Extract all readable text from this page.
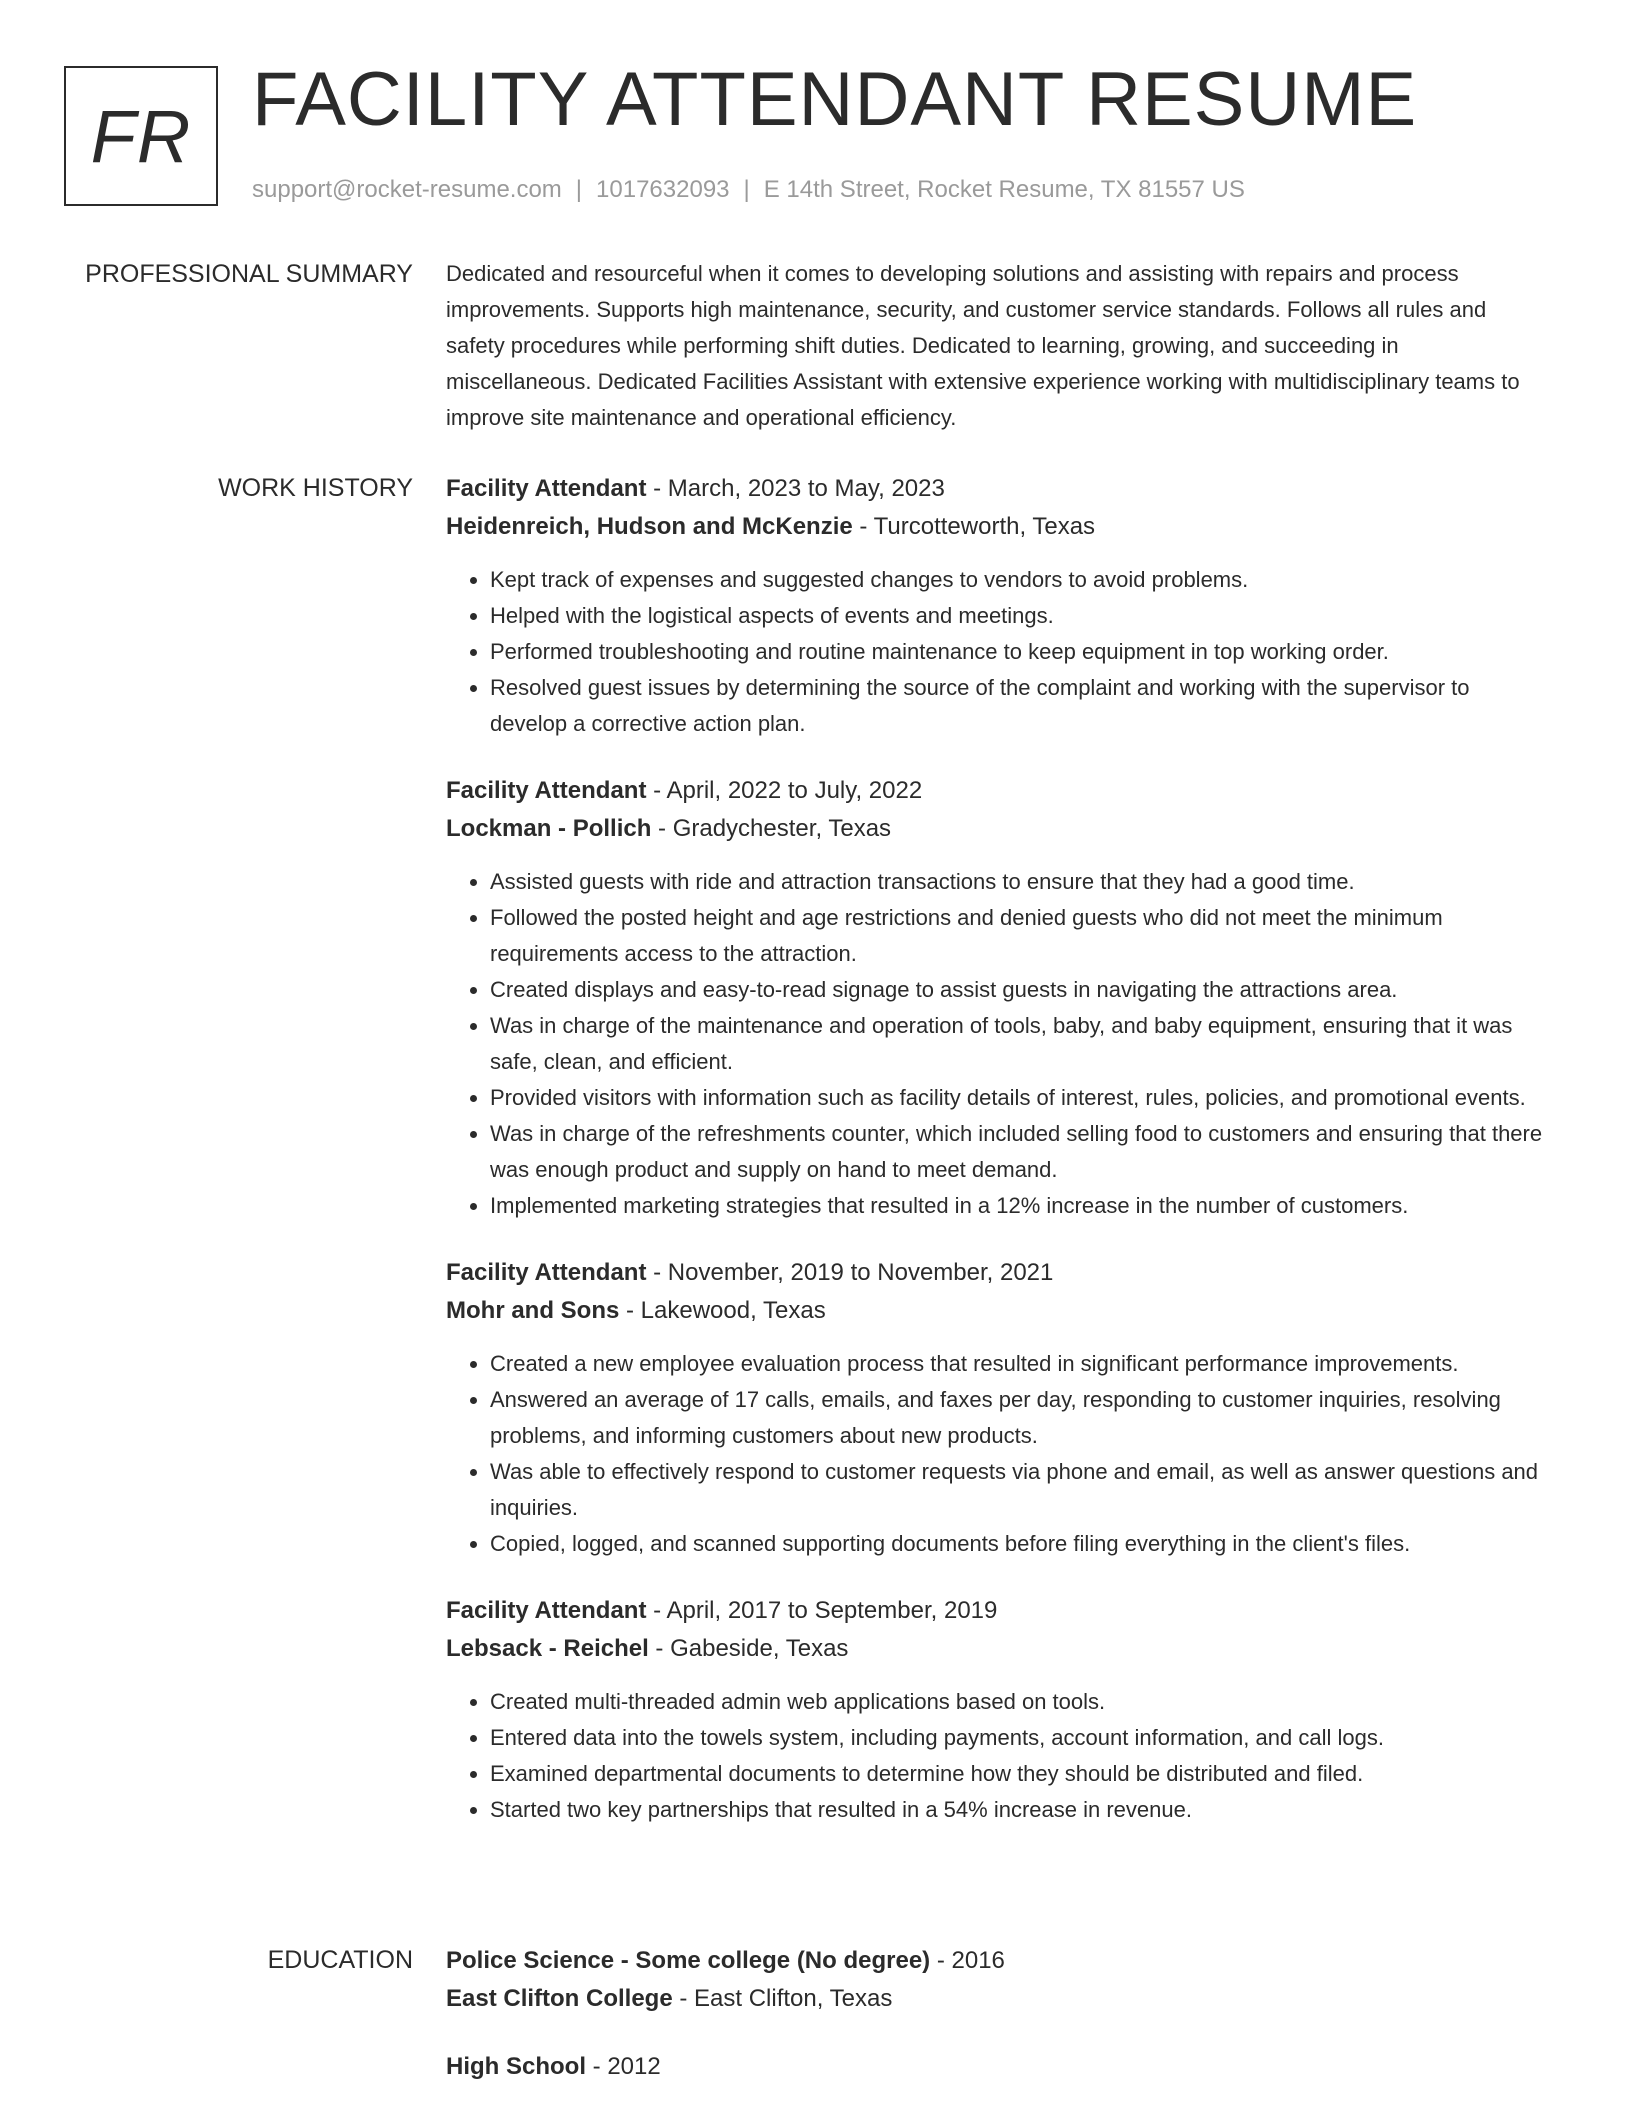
FR FACILITY ATTENDANT RESUME
support@rocket-resume.com | 1017632093 | E 14th Street, Rocket Resume, TX 81557 US
PROFESSIONAL SUMMARY Dedicated and resourceful when it comes to developing solutions and assisting with repairs and process improvements. Supports high maintenance, security, and customer service standards. Follows all rules and safety procedures while performing shift duties. Dedicated to learning, growing, and succeeding in miscellaneous. Dedicated Facilities Assistant with extensive experience working with multidisciplinary teams to improve site maintenance and operational efficiency.

WORK HISTORY Facility Attendant - March, 2023 to May, 2023
Heidenreich, Hudson and McKenzie - Turcotteworth, Texas
• Kept track of expenses and suggested changes to vendors to avoid problems.
• Helped with the logistical aspects of events and meetings.
• Performed troubleshooting and routine maintenance to keep equipment in top working order.
• Resolved guest issues by determining the source of the complaint and working with the supervisor to develop a corrective action plan.
Facility Attendant - April, 2022 to July, 2022
Lockman - Pollich - Gradychester, Texas
• Assisted guests with ride and attraction transactions to ensure that they had a good time.
• Followed the posted height and age restrictions and denied guests who did not meet the minimum requirements access to the attraction.
• Created displays and easy-to-read signage to assist guests in navigating the attractions area.
• Was in charge of the maintenance and operation of tools, baby, and baby equipment, ensuring that it was safe, clean, and efficient.
• Provided visitors with information such as facility details of interest, rules, policies, and promotional events.
• Was in charge of the refreshments counter, which included selling food to customers and ensuring that there was enough product and supply on hand to meet demand.
• Implemented marketing strategies that resulted in a 12% increase in the number of customers.
Facility Attendant - November, 2019 to November, 2021
Mohr and Sons - Lakewood, Texas
• Created a new employee evaluation process that resulted in significant performance improvements.
• Answered an average of 17 calls, emails, and faxes per day, responding to customer inquiries, resolving problems, and informing customers about new products.
• Was able to effectively respond to customer requests via phone and email, as well as answer questions and inquiries.
• Copied, logged, and scanned supporting documents before filing everything in the client's files.
Facility Attendant - April, 2017 to September, 2019
Lebsack - Reichel - Gabeside, Texas
• Created multi-threaded admin web applications based on tools.
• Entered data into the towels system, including payments, account information, and call logs.
• Examined departmental documents to determine how they should be distributed and filed.
• Started two key partnerships that resulted in a 54% increase in revenue.
EDUCATION Police Science - Some college (No degree) - 2016
East Clifton College - East Clifton, Texas
High School - 2012
